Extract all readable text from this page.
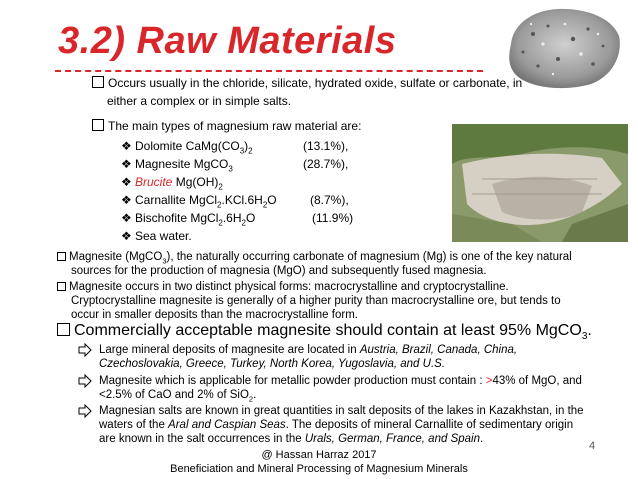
3.2) Raw Materials
Occurs usually in the chloride, silicate, hydrated oxide, sulfate or carbonate, in
either a complex or in simple salts.
The main types of magnesium raw material are:
❖ Dolomite $CaMg(CO_3)_2$	(13.1%),
❖ Magnesite MgCO$_3$	(28.7%),
❖ Brucite $Mg(OH)_2$
❖ Carnallite $MgCl_2.KCl.6H_2O$	(8.7%),
❖ Bischofite $MgCl_2.6H_2O$	(11.9%)
❖ Sea water.
Magnesite (MgCO$_3$), the naturally occurring carbonate of magnesium (Mg) is one of the key natural
sources for the production of magnesia (MgO) and subsequently fused magnesia.
Magnesite occurs in two distinct physical forms: macrocrystalline and cryptocrystalline.
Cryptocrystalline magnesite is generally of a higher purity than macrocrystalline ore, but tends to
occur in smaller deposits than the macrocrystalline form.
Commercially acceptable magnesite should contain at least 95% MgCO$_3$.
Large mineral deposits of magnesite are located in Austria, Brazil, Canada, China,
Czechoslovakia, Greece, Turkey, North Korea, Yugoslavia, and U.S.
Magnesite which is applicable for metallic powder production must contain : >43% of MgO, and
<2.5% of CaO and 2% of SiO$_2$.
Magnesian salts are known in great quantities in salt deposits of the lakes in Kazakhstan, in the
waters of the Aral and Caspian Seas. The deposits of mineral Carnallite of sedimentary origin
are known in the salt occurrences in the Urals, German, France, and Spain.
4
@ Hassan Harraz 2017
Beneficiation and Mineral Processing of Magnesium Minerals
